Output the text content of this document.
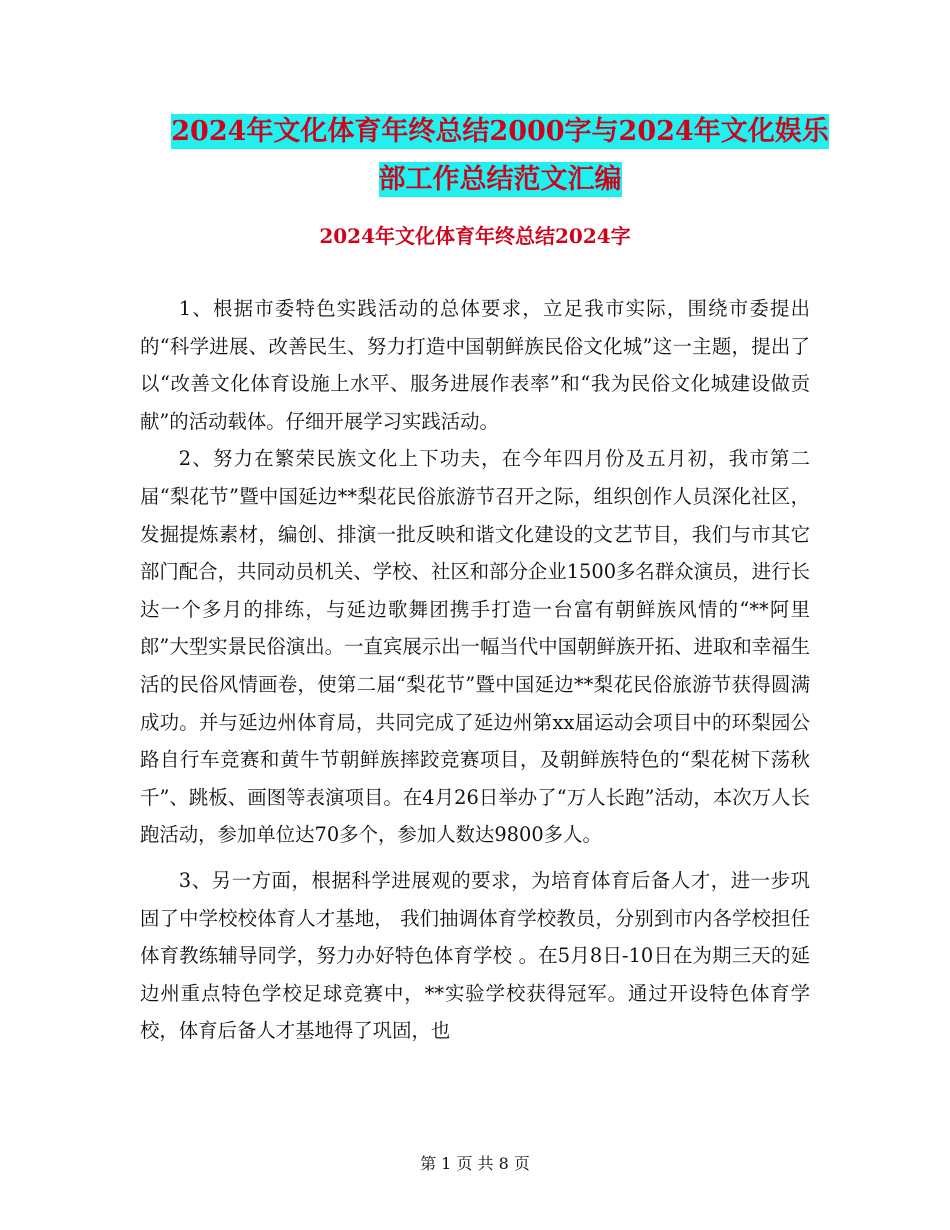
2024年文化体育年终总结2000字与2024年文化娱乐
部工作总结范文汇编
2024年文化体育年终总结2024字

1、根据市委特色实践活动的总体要求，立足我市实际，围绕市委提出的“科学进展、改善民生、努力打造中国朝鲜族民俗文化城”这一主题，提出了以“改善文化体育设施上水平、服务进展作表率”和“我为民俗文化城建设做贡献”的活动载体。仔细开展学习实践活动。

2、努力在繁荣民族文化上下功夫，在今年四月份及五月初，我市第二届“梨花节”暨中国延边**梨花民俗旅游节召开之际，组织创作人员深化社区，发掘提炼素材，编创、排演一批反映和谐文化建设的文艺节目，我们与市其它部门配合，共同动员机关、学校、社区和部分企业1500多名群众演员，进行长达一个多月的排练，与延边歌舞团携手打造一台富有朝鲜族风情的“**阿里郎”大型实景民俗演出。一直宾展示出一幅当代中国朝鲜族开拓、进取和幸福生活的民俗风情画卷，使第二届“梨花节”暨中国延边**梨花民俗旅游节获得圆满成功。并与延边州体育局，共同完成了延边州第xx届运动会项目中的环梨园公路自行车竞赛和黄牛节朝鲜族摔跤竞赛项目，及朝鲜族特色的“梨花树下荡秋千”、跳板、画图等表演项目。在4月26日举办了“万人长跑”活动，本次万人长跑活动，参加单位达70多个，参加人数达9800多人。

3、另一方面，根据科学进展观的要求，为培育体育后备人才，进一步巩固了中学校校体育人才基地， 我们抽调体育学校教员，分别到市内各学校担任体育教练辅导同学，努力办好特色体育学校 。在5月8日-10日在为期三天的延边州重点特色学校足球竞赛中，**实验学校获得冠军。通过开设特色体育学校，体育后备人才基地得了巩固，也

第 1 页 共 8 页
